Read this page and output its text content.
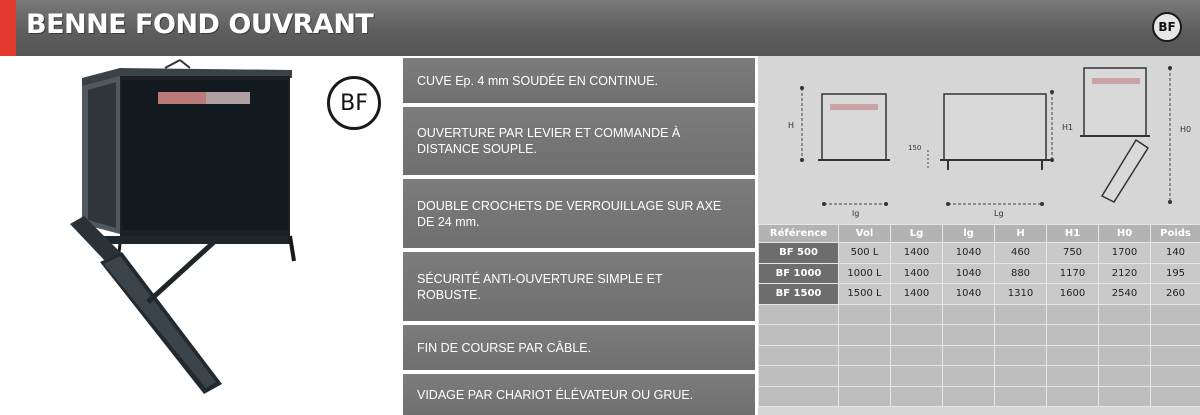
BENNE FOND OUVRANT	BF
BF
CUVE Ep. 4 mm SOUDÉE EN CONTINUE.
OUVERTURE PAR LEVIER ET COMMANDE À DISTANCE SOUPLE.
DOUBLE CROCHETS DE VERROUILLAGE SUR AXE DE 24 mm.
SÉCURITÉ ANTI-OUVERTURE SIMPLE ET ROBUSTE.
FIN DE COURSE PAR CÂBLE.
VIDAGE PAR CHARIOT ÉLÉVATEUR OU GRUE.
H
lg
150
Lg
H1	H0
Référence	Vol	Lg	lg	H	H1	H0	Poids
BF 500	500 L	1400	1040	460	750	1700	140
BF 1000	1000 L	1400	1040	880	1170	2120	195
BF 1500	1500 L	1400	1040	1310	1600	2540	260
